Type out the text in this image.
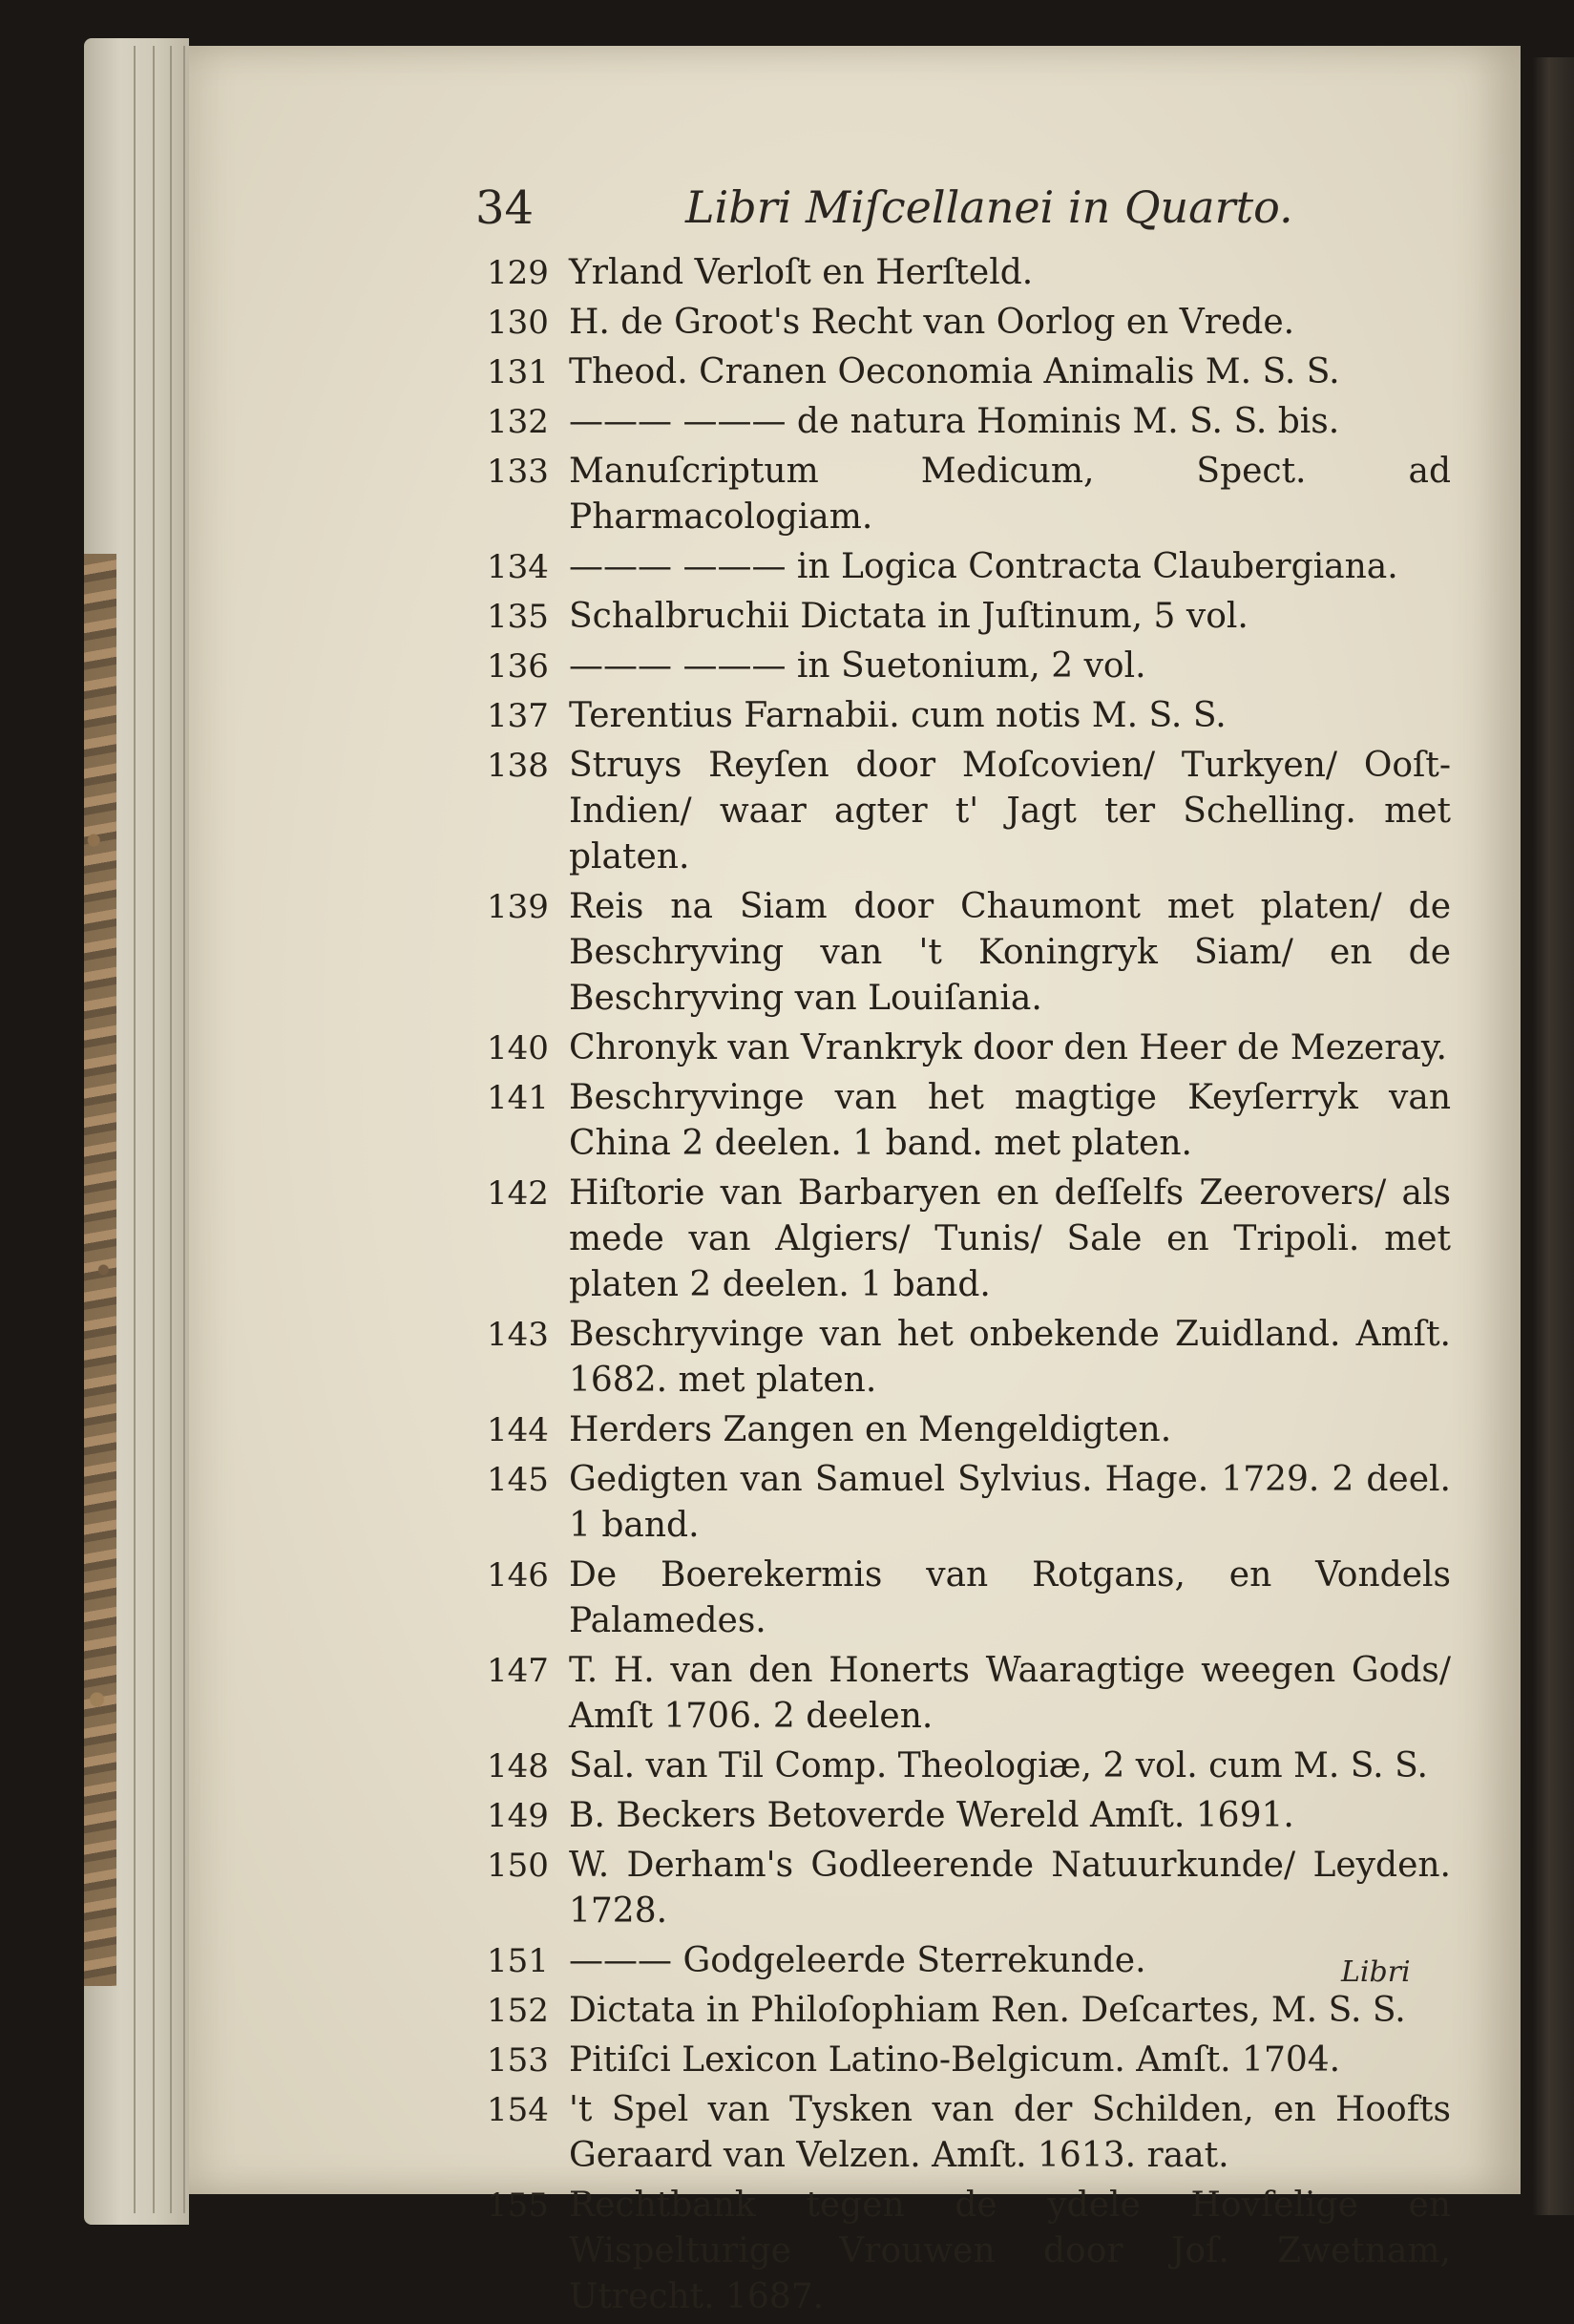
34	Libri Miſcellanei in Quarto.
129 Yrland Verloſt en Herſteld.
130 H. de Groot's Recht van Oorlog en Vrede.
131 Theod. Cranen Oeconomia Animalis M. S. S.
132 ——— ——— de natura Hominis M. S. S. bis.
133 Manuſcriptum Medicum, Spect. ad Pharmacologiam.
134 ——— ——— in Logica Contracta Claubergiana.
135 Schalbruchii Dictata in Juſtinum, 5 vol.
136 ——— ——— in Suetonium, 2 vol.
137 Terentius Farnabii. cum notis M. S. S.
138 Struys Reyſen door Moſcovien/ Turkyen/ Ooſt-Indien/ waar agter t' Jagt ter Schelling. met platen.
139 Reis na Siam door Chaumont met platen/ de Beschryving van 't Koningryk Siam/ en de Beschryving van Louiſania.
140 Chronyk van Vrankryk door den Heer de Mezeray.
141 Beschryvinge van het magtige Keyſerryk van China 2 deelen. 1 band. met platen.
142 Hiſtorie van Barbaryen en deſſelfs Zeerovers/ als mede van Algiers/ Tunis/ Sale en Tripoli. met platen 2 deelen. 1 band.
143 Beschryvinge van het onbekende Zuidland. Amſt. 1682. met platen.
144 Herders Zangen en Mengeldigten.
145 Gedigten van Samuel Sylvius. Hage. 1729. 2 deel. 1 band.
146 De Boerekermis van Rotgans, en Vondels Palamedes.
147 T. H. van den Honerts Waaragtige weegen Gods/ Amſt 1706. 2 deelen.
148 Sal. van Til Comp. Theologiæ, 2 vol. cum M. S. S.
149 B. Beckers Betoverde Wereld Amſt. 1691.
150 W. Derham's Godleerende Natuurkunde/ Leyden. 1728.
151 ——— Godgeleerde Sterrekunde.
152 Dictata in Philoſophiam Ren. Deſcartes, M. S. S.
153 Pitiſci Lexicon Latino-Belgicum. Amſt. 1704.
154 't Spel van Tysken van der Schilden, en Hoofts Geraard van Velzen. Amſt. 1613. raat.
155 Rechtbank tegen de ydele Hovſelige en Wispelturige Vrouwen door Joſ. Zwetnam, Utrecht. 1687.
Libri
